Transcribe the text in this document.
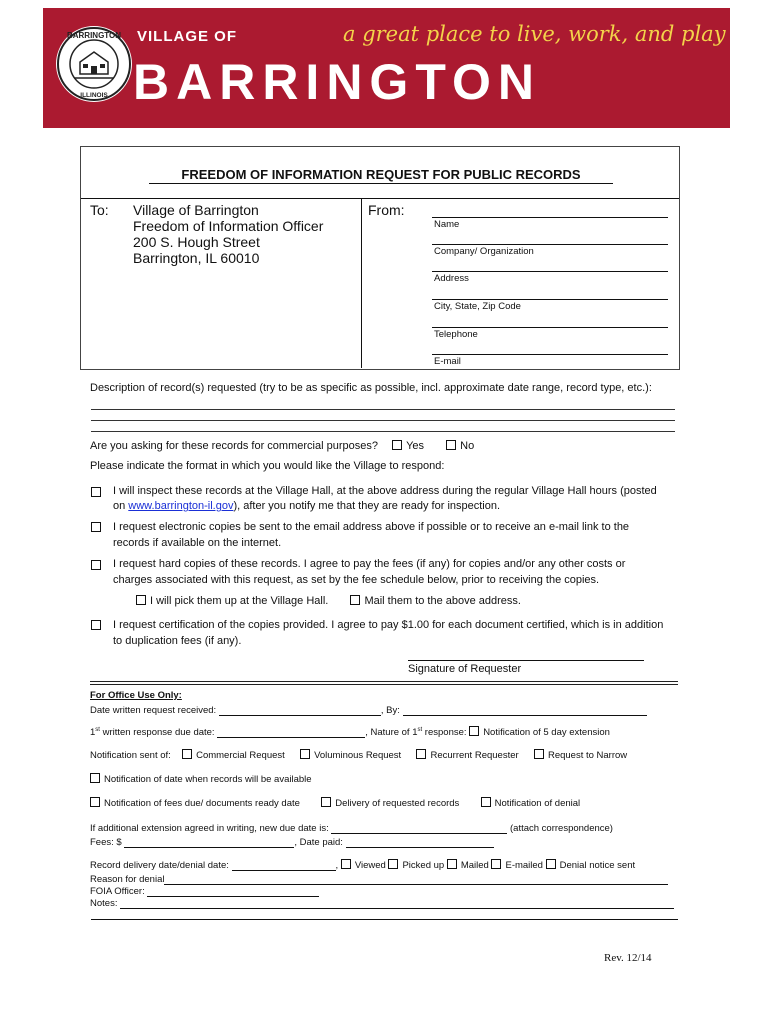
BARRINGTON
ILLINOIS
VILLAGE OF	a great place to live, work, and play
BARRINGTON
FREEDOM OF INFORMATION REQUEST FOR PUBLIC RECORDS
To: Village of Barrington
Freedom of Information Officer
200 S. Hough Street
Barrington, IL 60010
From:
Name
Company/ Organization
Address
City, State, Zip Code
Telephone
E-mail
Description of record(s) requested (try to be as specific as possible, incl. approximate date range, record type, etc.):
Are you asking for these records for commercial purposes?	Yes	No
Please indicate the format in which you would like the Village to respond:
I will inspect these records at the Village Hall, at the above address during the regular Village Hall hours (posted
on www.barrington-il.gov), after you notify me that they are ready for inspection.
I request electronic copies be sent to the email address above if possible or to receive an e-mail link to the
records if available on the internet.
I request hard copies of these records. I agree to pay the fees (if any) for copies and/or any other costs or
charges associated with this request, as set by the fee schedule below, prior to receiving the copies.
I will pick them up at the Village Hall.	Mail them to the above address.
I request certification of the copies provided. I agree to pay $1.00 for each document certified, which is in addition
to duplication fees (if any).
Signature of Requester
For Office Use Only:
Date written request received:	, By:
1st written response due date:	, Nature of 1st response: Notification of 5 day extension
Notification sent of:	Commercial Request	Voluminous Request	Recurrent Requester	Request to Narrow
Notification of date when records will be available
Notification of fees due/ documents ready date	Delivery of requested records	Notification of denial
If additional extension agreed in writing, new due date is:	(attach correspondence)
Fees: $	, Date paid:
Record delivery date/denial date:	, Viewed Picked up Mailed E-mailed Denial notice sent
Reason for denial
FOIA Officer:
Notes:
Rev. 12/14
